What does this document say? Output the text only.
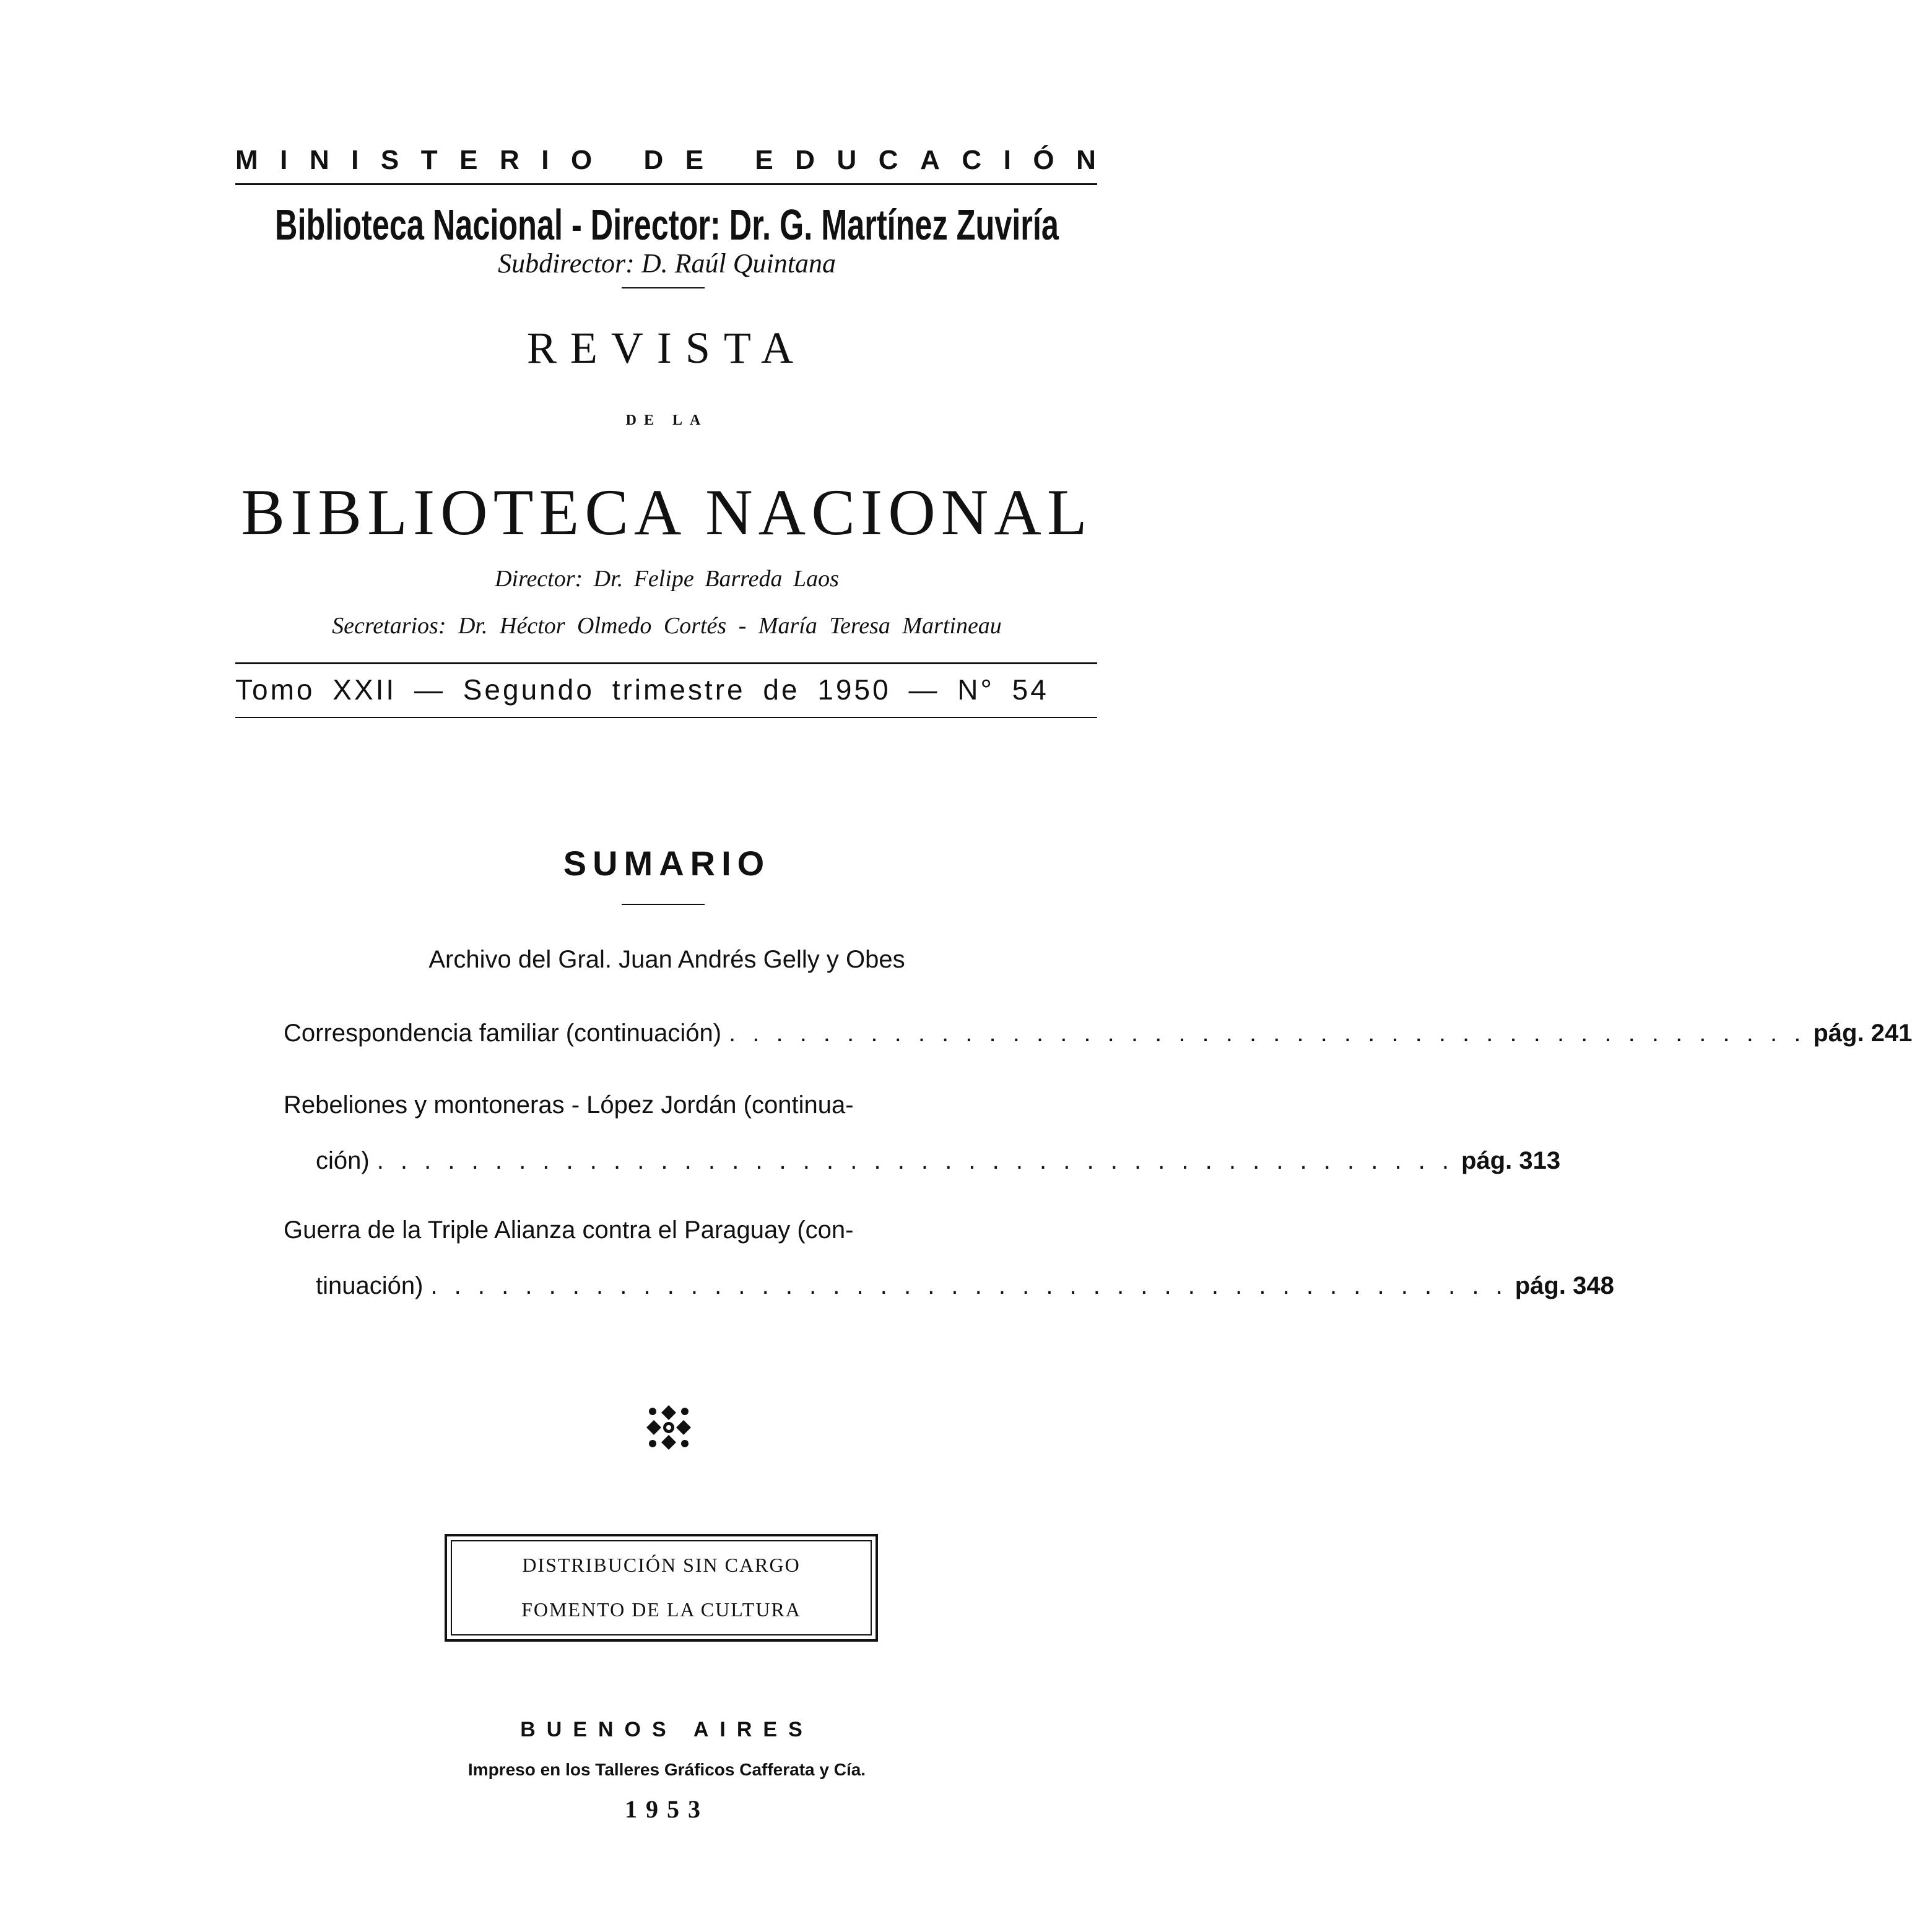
M I N I S T E R I O
D E
E D U C A C I Ó N
Biblioteca Nacional - Director: Dr. G. Martínez Zuviría
Subdirector: D. Raúl Quintana
REVISTA
DE LA
BIBLIOTECA NACIONAL
Director: Dr. Felipe Barreda Laos
Secretarios: Dr. Héctor Olmedo Cortés - María Teresa Martineau
Tomo XXII — Segundo trimestre de 1950 — N° 54
SUMARIO
Archivo del Gral. Juan Andrés Gelly y Obes
Correspondencia familiar (continuación) . . . . . . . . . . . . . . . . . . . . . . . . . . . . . . . . . . . . . . . . . . . . . . pág. 241
Rebeliones y montoneras - López Jordán (continua-
ción) . . . . . . . . . . . . . . . . . . . . . . . . . . . . . . . . . . . . . . . . . . . . . . pág. 313
Guerra de la Triple Alianza contra el Paraguay (con-
tinuación) . . . . . . . . . . . . . . . . . . . . . . . . . . . . . . . . . . . . . . . . . . . . . . pág. 348
DISTRIBUCIÓN SIN CARGO
FOMENTO DE LA CULTURA
BUENOS AIRES
Impreso en los Talleres Gráficos Cafferata y Cía.
1953
